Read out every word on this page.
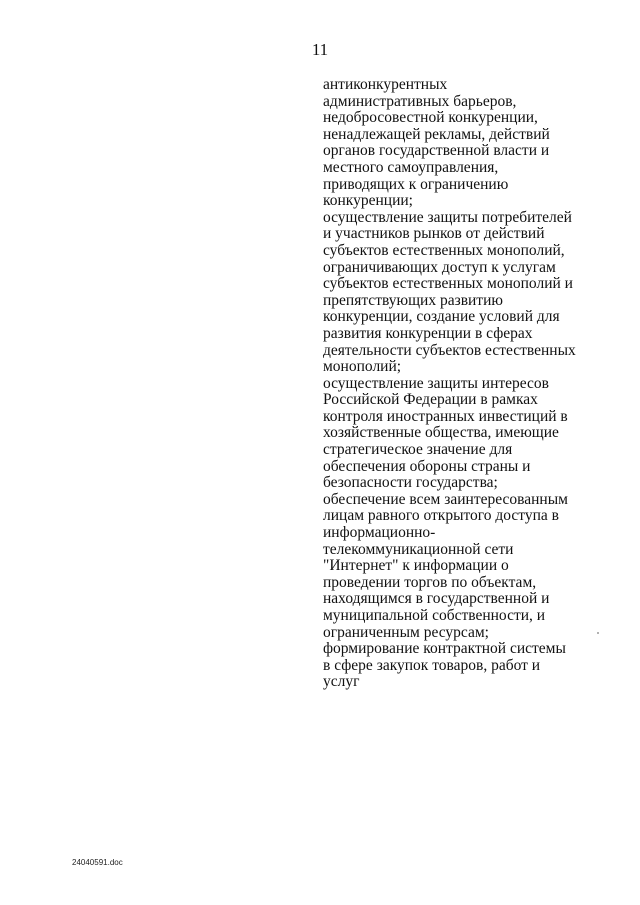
11
антиконкурентных
административных барьеров,
недобросовестной конкуренции,
ненадлежащей рекламы, действий
органов государственной власти и
местного самоуправления,
приводящих к ограничению
конкуренции;
осуществление защиты потребителей
и участников рынков от действий
субъектов естественных монополий,
ограничивающих доступ к услугам
субъектов естественных монополий и
препятствующих развитию
конкуренции, создание условий для
развития конкуренции в сферах
деятельности субъектов естественных
монополий;
осуществление защиты интересов
Российской Федерации в рамках
контроля иностранных инвестиций в
хозяйственные общества, имеющие
стратегическое значение для
обеспечения обороны страны и
безопасности государства;
обеспечение всем заинтересованным
лицам равного открытого доступа в
информационно-
телекоммуникационной сети
"Интернет" к информации о
проведении торгов по объектам,
находящимся в государственной и
муниципальной собственности, и
ограниченным ресурсам;
формирование контрактной системы
в сфере закупок товаров, работ и
услуг
24040591.doc
